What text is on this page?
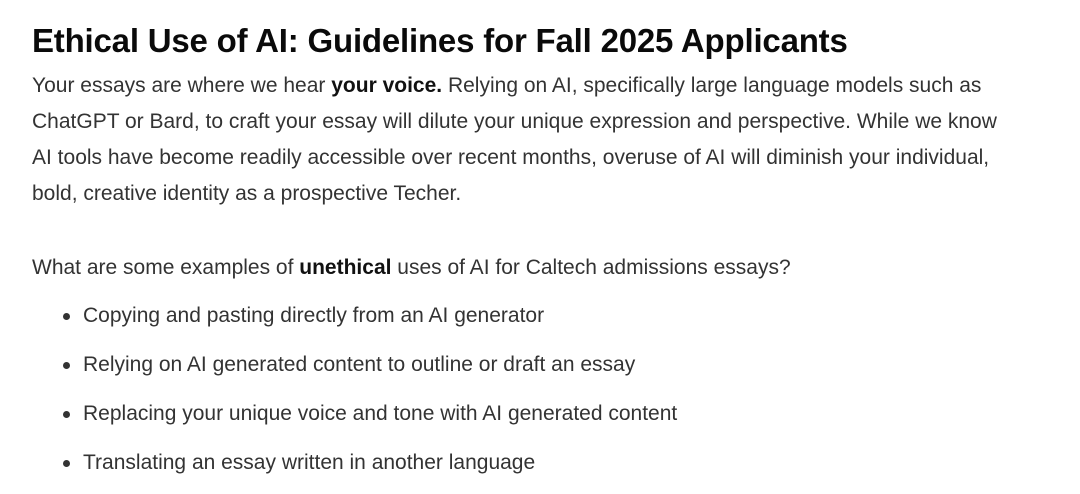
Ethical Use of AI: Guidelines for Fall 2025 Applicants

Your essays are where we hear your voice. Relying on AI, specifically large language models such as ChatGPT or Bard, to craft your essay will dilute your unique expression and perspective. While we know AI tools have become readily accessible over recent months, overuse of AI will diminish your individual, bold, creative identity as a prospective Techer.

What are some examples of unethical uses of AI for Caltech admissions essays?

Copying and pasting directly from an AI generator
Relying on AI generated content to outline or draft an essay
Replacing your unique voice and tone with AI generated content
Translating an essay written in another language
